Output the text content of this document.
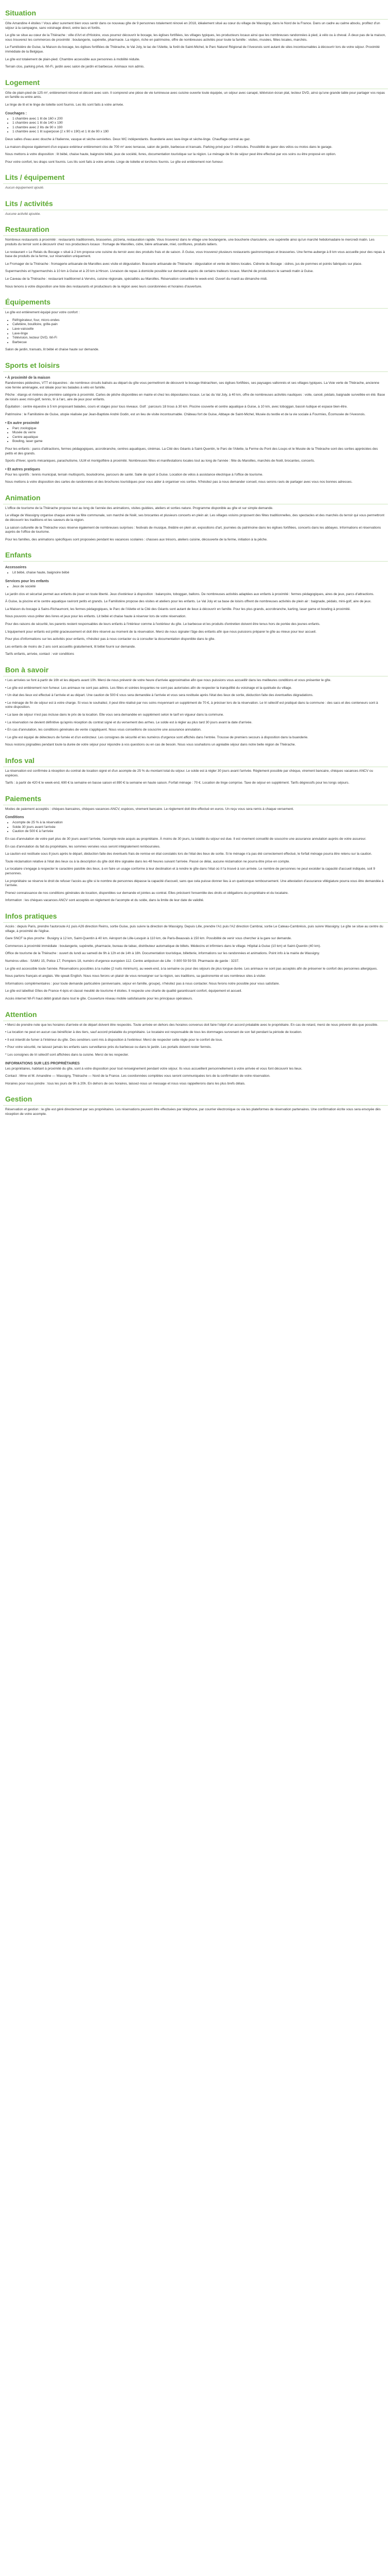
Situation

Gîte Amandine 4 étoiles ! Vous allez surement bien vous sentir dans ce nouveau gîte de 9 personnes totalement rénové en 2018, idéalement situé au cœur du village de Wassigny, dans le Nord de la France. Dans un cadre au calme absolu, profitez d'un séjour à la campagne, sans voisinage direct, entre lacs et forêts.

Le gîte se situe au cœur de la Thiérache : ville d'Art et d'Histoire, vous pourrez découvrir le bocage, les églises fortifiées, les villages typiques, les producteurs locaux ainsi que les nombreuses randonnées à pied, à vélo ou à cheval. À deux pas de la maison, vous trouverez les commerces de proximité : boulangerie, supérette, pharmacie. La région, riche en patrimoine, offre de nombreuses activités pour toute la famille : visites, musées, fêtes locales, marchés.

Le Familistère de Guise, la Maison du bocage, les églises fortifiées de Thiérache, le Val Joly, le lac de l'Ailette, la forêt de Saint-Michel, le Parc Naturel Régional de l'Avesnois sont autant de sites incontournables à découvrir lors de votre séjour. Proximité immédiate de la Belgique.

Le gîte est totalement de plain-pied. Chambre accessible aux personnes à mobilité réduite.

Terrain clos, parking privé, Wi-Fi, jardin avec salon de jardin et barbecue. Animaux non admis.

Logement

Gîte de plain-pied de 125 m², entièrement rénové et décoré avec soin. Il comprend une pièce de vie lumineuse avec cuisine ouverte toute équipée, un séjour avec canapé, télévision écran plat, lecteur DVD, ainsi qu'une grande table pour partager vos repas en famille ou entre amis.

Le linge de lit et le linge de toilette sont fournis. Les lits sont faits à votre arrivée.

Couchages :
• 1 chambre avec 1 lit de 160 x 200
• 1 chambre avec 1 lit de 140 x 190
• 1 chambre avec 2 lits de 90 x 190
• 1 chambre avec 1 lit superposé (2 x 90 x 190) et 1 lit de 90 x 190

Deux salles d'eau avec douche à l'italienne, vasque et sèche-serviettes. Deux WC indépendants. Buanderie avec lave-linge et sèche-linge. Chauffage central au gaz.

La maison dispose également d'un espace extérieur entièrement clos de 700 m² avec terrasse, salon de jardin, barbecue et transats. Parking privé pour 3 véhicules. Possibilité de garer des vélos ou motos dans le garage.

Nous mettons à votre disposition : lit bébé, chaise haute, baignoire bébé, jeux de société, livres, documentation touristique sur la région. Le ménage de fin de séjour peut être effectué par vos soins ou être proposé en option.

Pour votre confort, les draps sont fournis. Les lits sont faits à votre arrivée. Linge de toilette et torchons fournis. Le gîte est entièrement non fumeur.

Lits / équipement

Aucun équipement ajouté.

Lits / activités

Aucune activité ajoutée.

Restauration

Nombreux restaurants à proximité : restaurants traditionnels, brasseries, pizzeria, restauration rapide. Vous trouverez dans le village une boulangerie, une boucherie charcuterie, une supérette ainsi qu'un marché hebdomadaire le mercredi matin. Les produits du terroir sont à découvrir chez nos producteurs locaux : fromage de Maroilles, cidre, bière artisanale, miel, confitures, produits laitiers.

Le restaurant « Le Relais du Bocage » situé à 2 km propose une cuisine du terroir avec des produits frais et de saison. À Guise, vous trouverez plusieurs restaurants gastronomiques et brasseries. Une ferme-auberge à 8 km vous accueille pour des repas à base de produits de la ferme, sur réservation uniquement.

Le Fromager de la Thiérache : fromagerie artisanale de Maroilles avec visite et dégustation. Brasserie artisanale de Thiérache : dégustation et vente de bières locales. Cidrerie du Bocage : cidres, jus de pommes et poirés fabriqués sur place.

Supermarchés et hypermarchés à 10 km à Guise et à 20 km à Hirson. Livraison de repas à domicile possible sur demande auprès de certains traiteurs locaux. Marché de producteurs le samedi matin à Guise.

Le Caveau de la Thiérache : restaurant traditionnel à Vervins, cuisine régionale, spécialités au Maroilles. Réservation conseillée le week-end. Ouvert du mardi au dimanche midi.

Nous tenons à votre disposition une liste des restaurants et producteurs de la région avec leurs coordonnées et horaires d'ouverture.

Équipements

Le gîte est entièrement équipé pour votre confort :

• Réfrigérateur, four, micro-ondes
• Cafetière, bouilloire, grille-pain
• Lave-vaisselle
• Lave-linge
• Télévision, lecteur DVD, Wi-Fi
• Barbecue

Salon de jardin, transats, lit bébé et chaise haute sur demande.

Sports et loisirs
• À proximité de la maison

Randonnées pédestres, VTT et équestres : de nombreux circuits balisés au départ du gîte vous permettront de découvrir le bocage thiérachien, ses églises fortifiées, ses paysages vallonnés et ses villages typiques. La Voie verte de Thiérache, ancienne voie ferrée aménagée, est idéale pour les balades à vélo en famille.

Pêche : étangs et rivières de première catégorie à proximité. Cartes de pêche disponibles en mairie et chez les dépositaires locaux. Le lac du Val Joly, à 40 km, offre de nombreuses activités nautiques : voile, canoë, pédalo, baignade surveillée en été. Base de loisirs avec mini-golf, tennis, tir à l'arc, aire de jeux pour enfants.

Équitation : centre équestre à 5 km proposant balades, cours et stages pour tous niveaux. Golf : parcours 18 trous à 30 km. Piscine couverte et centre aquatique à Guise, à 10 km, avec toboggan, bassin ludique et espace bien-être.

Patrimoine : le Familistère de Guise, utopie réalisée par Jean-Baptiste André Godin, est un lieu de visite incontournable. Château fort de Guise, Abbaye de Saint-Michel, Musée du textile et de la vie sociale à Fourmies, Écomusée de l'Avesnois.

• En autre proximité
• Parc zoologique
• Musée du verre
• Centre aquatique
• Bowling, laser game

Pour les enfants : parcs d'attractions, fermes pédagogiques, accrobranche, centres aquatiques, cinémas. La Cité des Géants à Saint-Quentin, le Parc de l'Ailette, la Ferme du Pont des Loups et le Musée de la Thiérache sont des sorties appréciées des petits et des grands.

Sports d'hiver, sports mécaniques, parachutisme, ULM et montgolfière à proximité. Nombreuses fêtes et manifestations locales tout au long de l'année : fête du Maroilles, marchés de Noël, brocantes, concerts.

• Et autres pratiques

Pour les sportifs : tennis municipal, terrain multisports, boulodrome, parcours de santé. Salle de sport à Guise. Location de vélos à assistance électrique à l'office de tourisme.

Nous mettons à votre disposition des cartes de randonnées et des brochures touristiques pour vous aider à organiser vos sorties. N'hésitez pas à nous demander conseil, nous serons ravis de partager avec vous nos bonnes adresses.

Animation

L'office de tourisme de la Thiérache propose tout au long de l'année des animations, visites guidées, ateliers et sorties nature. Programme disponible au gîte et sur simple demande.

Le village de Wassigny organise chaque année sa fête communale, son marché de Noël, ses brocantes et plusieurs concerts en plein air. Les villages voisins proposent des fêtes traditionnelles, des spectacles et des marchés du terroir qui vous permettront de découvrir les traditions et les saveurs de la région.

La saison culturelle de la Thiérache vous réserve également de nombreuses surprises : festivals de musique, théâtre en plein air, expositions d'art, journées du patrimoine dans les églises fortifiées, concerts dans les abbayes. Informations et réservations auprès de l'office de tourisme.

Pour les familles, des animations spécifiques sont proposées pendant les vacances scolaires : chasses aux trésors, ateliers cuisine, découverte de la ferme, initiation à la pêche.

Enfants
Accessoires
• Lit bébé, chaise haute, baignoire bébé
Services pour les enfants
• Jeux de société

Le jardin clos et sécurisé permet aux enfants de jouer en toute liberté. Jeux d'extérieur à disposition : balançoire, toboggan, ballons. De nombreuses activités adaptées aux enfants à proximité : fermes pédagogiques, aires de jeux, parcs d'attractions.

À Guise, la piscine et le centre aquatique raviront petits et grands. Le Familistère propose des visites et ateliers pour les enfants. Le Val Joly et sa base de loisirs offrent de nombreuses activités de plein air : baignade, pédalo, mini-golf, aire de jeux.

La Maison du bocage à Sains-Richaumont, les fermes pédagogiques, le Parc de l'Ailette et la Cité des Géants sont autant de lieux à découvrir en famille. Pour les plus grands, accrobranche, karting, laser game et bowling à proximité.

Nous pouvons vous prêter des livres et jeux pour les enfants. Lit bébé et chaise haute à réserver lors de votre réservation.

Pour des raisons de sécurité, les parents restent responsables de leurs enfants à l'intérieur comme à l'extérieur du gîte. Le barbecue et les produits d'entretien doivent être tenus hors de portée des jeunes enfants.

L'équipement pour enfants est prêté gracieusement et doit être réservé au moment de la réservation. Merci de nous signaler l'âge des enfants afin que nous puissions préparer le gîte au mieux pour leur accueil.

Pour plus d'informations sur les activités pour enfants, n'hésitez pas à nous contacter ou à consulter la documentation disponible dans le gîte.

Les enfants de moins de 2 ans sont accueillis gratuitement, lit bébé fourni sur demande.

Tarifs enfants, arrivée, contact : voir conditions

Bon à savoir

• Les arrivées se font à partir de 16h et les départs avant 10h. Merci de nous prévenir de votre heure d'arrivée approximative afin que nous puissions vous accueillir dans les meilleures conditions et vous présenter le gîte.

• Le gîte est entièrement non fumeur. Les animaux ne sont pas admis. Les fêtes et soirées bruyantes ne sont pas autorisées afin de respecter la tranquillité du voisinage et la quiétude du village.

• Un état des lieux est effectué à l'arrivée et au départ. Une caution de 500 € vous sera demandée à l'arrivée et vous sera restituée après l'état des lieux de sortie, déduction faite des éventuelles dégradations.

• Le ménage de fin de séjour est à votre charge. Si vous le souhaitez, il peut être réalisé par nos soins moyennant un supplément de 70 €, à préciser lors de la réservation. Le tri sélectif est pratiqué dans la commune : des sacs et des conteneurs sont à votre disposition.

• La taxe de séjour n'est pas incluse dans le prix de la location. Elle vous sera demandée en supplément selon le tarif en vigueur dans la commune.

• La réservation ne devient définitive qu'après réception du contrat signé et du versement des arrhes. Le solde est à régler au plus tard 30 jours avant la date d'arrivée.

• En cas d'annulation, les conditions générales de vente s'appliquent. Nous vous conseillons de souscrire une assurance annulation.

• Le gîte est équipé de détecteurs de fumée et d'un extincteur. Les consignes de sécurité et les numéros d'urgence sont affichés dans l'entrée. Trousse de premiers secours à disposition dans la buanderie.

Nous restons joignables pendant toute la durée de votre séjour pour répondre à vos questions ou en cas de besoin. Nous vous souhaitons un agréable séjour dans notre belle région de Thiérache.

Infos val

La réservation est confirmée à réception du contrat de location signé et d'un acompte de 25 % du montant total du séjour. Le solde est à régler 30 jours avant l'arrivée. Règlement possible par chèque, virement bancaire, chèques vacances ANCV ou espèces.

Tarifs : à partir de 420 € le week-end, 690 € la semaine en basse saison et 890 € la semaine en haute saison. Forfait ménage : 70 €. Location de linge comprise. Taxe de séjour en supplément. Tarifs dégressifs pour les longs séjours.

Paiements

Modes de paiement acceptés : chèques bancaires, chèques vacances ANCV, espèces, virement bancaire. Le règlement doit être effectué en euros. Un reçu vous sera remis à chaque versement.

Conditions
• Acompte de 25 % à la réservation
• Solde 30 jours avant l'arrivée
• Caution de 500 € à l'arrivée

En cas d'annulation de votre part plus de 30 jours avant l'arrivée, l'acompte reste acquis au propriétaire. À moins de 30 jours, la totalité du séjour est due. Il est vivement conseillé de souscrire une assurance annulation auprès de votre assureur.

En cas d'annulation du fait du propriétaire, les sommes versées vous seront intégralement remboursées.

La caution est restituée sous 8 jours après le départ, déduction faite des éventuels frais de remise en état constatés lors de l'état des lieux de sortie. Si le ménage n'a pas été correctement effectué, le forfait ménage pourra être retenu sur la caution.

Toute réclamation relative à l'état des lieux ou à la description du gîte doit être signalée dans les 48 heures suivant l'arrivée. Passé ce délai, aucune réclamation ne pourra être prise en compte.

Le locataire s'engage à respecter le caractère paisible des lieux, à en faire un usage conforme à leur destination et à rendre le gîte dans l'état où il l'a trouvé à son arrivée. Le nombre de personnes ne peut excéder la capacité d'accueil indiquée, soit 9 personnes.

Le propriétaire se réserve le droit de refuser l'accès au gîte si le nombre de personnes dépasse la capacité d'accueil, sans que cela puisse donner lieu à un quelconque remboursement. Une attestation d'assurance villégiature pourra vous être demandée à l'arrivée.

Prenez connaissance de nos conditions générales de location, disponibles sur demande et jointes au contrat. Elles précisent l'ensemble des droits et obligations du propriétaire et du locataire.

Information : les chèques vacances ANCV sont acceptés en règlement de l'acompte et du solde, dans la limite de leur date de validité.

Infos pratiques

Accès : depuis Paris, prendre l'autoroute A1 puis A26 direction Reims, sortie Guise, puis suivre la direction de Wassigny. Depuis Lille, prendre l'A1 puis l'A2 direction Cambrai, sortie Le Cateau-Cambrésis, puis suivre Wassigny. Le gîte se situe au centre du village, à proximité de l'église.

Gare SNCF la plus proche : Busigny à 12 km, Saint-Quentin à 40 km. Aéroport de Lille-Lesquin à 110 km, de Paris-Beauvais à 150 km. Possibilité de venir vous chercher à la gare sur demande.

Commerces à proximité immédiate : boulangerie, supérette, pharmacie, bureau de tabac, distributeur automatique de billets. Médecins et infirmiers dans le village. Hôpital à Guise (10 km) et Saint-Quentin (40 km).

Office de tourisme de la Thiérache : ouvert du lundi au samedi de 9h à 12h et de 14h à 18h. Documentation touristique, billetterie, informations sur les randonnées et animations. Point info à la mairie de Wassigny.

Numéros utiles : SAMU 15, Police 17, Pompiers 18, numéro d'urgence européen 112. Centre antipoison de Lille : 0 800 59 59 59. Pharmacie de garde : 3237.

Le gîte est accessible toute l'année. Réservations possibles à la nuitée (2 nuits minimum), au week-end, à la semaine ou pour des séjours de plus longue durée. Les animaux ne sont pas acceptés afin de préserver le confort des personnes allergiques.

Nous parlons français et anglais. We speak English. Nous nous ferons un plaisir de vous renseigner sur la région, ses traditions, sa gastronomie et ses nombreux sites à visiter.

Informations complémentaires : pour toute demande particulière (anniversaire, séjour en famille, groupe), n'hésitez pas à nous contacter. Nous ferons notre possible pour vous satisfaire.

Le gîte est labellisé Gîtes de France 4 épis et classé meublé de tourisme 4 étoiles. Il respecte une charte de qualité garantissant confort, équipement et accueil.

Accès internet Wi-Fi haut débit gratuit dans tout le gîte. Couverture réseau mobile satisfaisante pour les principaux opérateurs.

Attention

• Merci de prendre note que les horaires d'arrivée et de départ doivent être respectés. Toute arrivée en dehors des horaires convenus doit faire l'objet d'un accord préalable avec le propriétaire. En cas de retard, merci de nous prévenir dès que possible.

• La location ne peut en aucun cas bénéficier à des tiers, sauf accord préalable du propriétaire. Le locataire est responsable de tous les dommages survenant de son fait pendant la période de location.

• Il est interdit de fumer à l'intérieur du gîte. Des cendriers sont mis à disposition à l'extérieur. Merci de respecter cette règle pour le confort de tous.

• Pour votre sécurité, ne laissez jamais les enfants sans surveillance près du barbecue ou dans le jardin. Les portails doivent rester fermés.

* Les consignes de tri sélectif sont affichées dans la cuisine. Merci de les respecter.

INFORMATIONS SUR LES PROPRIÉTAIRES

Les propriétaires, habitant à proximité du gîte, sont à votre disposition pour tout renseignement pendant votre séjour. Ils vous accueillent personnellement à votre arrivée et vous font découvrir les lieux.

Contact : Mme et M. Amandine — Wassigny, Thiérache — Nord de la France. Les coordonnées complètes vous seront communiquées lors de la confirmation de votre réservation.

Horaires pour nous joindre : tous les jours de 9h à 20h. En dehors de ces horaires, laissez-nous un message et nous vous rappellerons dans les plus brefs délais.

Gestion

Réservation et gestion : le gîte est géré directement par ses propriétaires. Les réservations peuvent être effectuées par téléphone, par courrier électronique ou via les plateformes de réservation partenaires. Une confirmation écrite vous sera envoyée dès réception de votre acompte.
